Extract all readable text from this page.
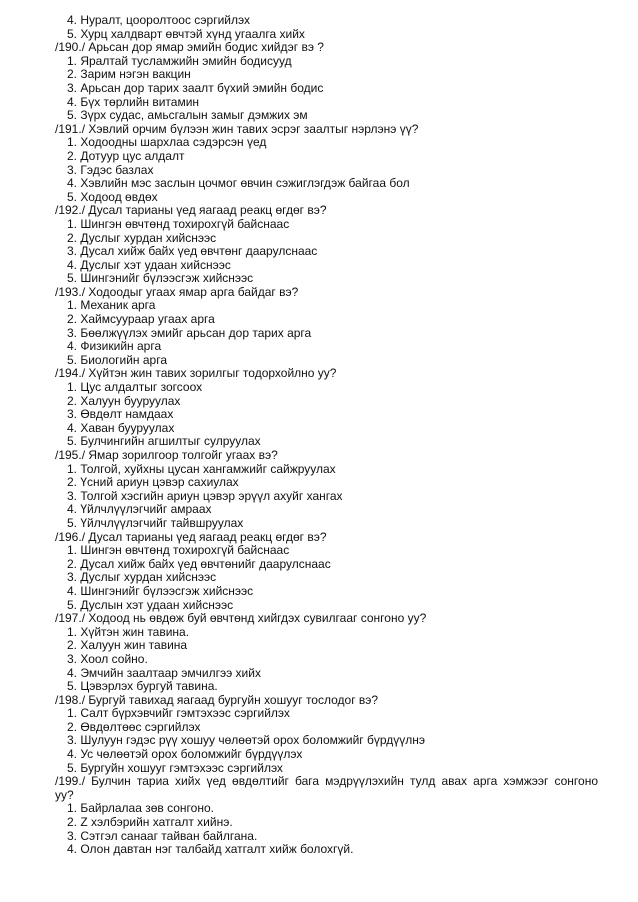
4. Нуралт, цооролтоос сэргийлэх
5. Хурц халдварт өвчтэй хүнд угаалга хийх
/190./ Арьсан дор ямар эмийн бодис хийдэг вэ ?
1. Яралтай тусламжийн эмийн бодисууд
2. Зарим нэгэн вакцин
3. Арьсан дор тарих заалт бүхий эмийн бодис
4. Бүх төрлийн витамин
5. Зүрх судас, амьсгалын замыг дэмжих эм
/191./ Хэвлий орчим бүлээн жин тавих эсрэг заалтыг нэрлэнэ үү?
1. Ходоодны шархлаа сэдэрсэн үед
2. Дотуур цус алдалт
3. Гэдэс базлах
4. Хэвлийн мэс заслын цочмог өвчин сэжиглэгдэж байгаа бол
5. Ходоод өвдөх
/192./ Дусал тарианы үед яагаад реакц өгдөг вэ?
1. Шингэн өвчтөнд тохирохгүй байснаас
2. Дуслыг хурдан хийснээс
3. Дусал хийж байх үед өвчтөнг даарулснаас
4. Дуслыг хэт удаан хийснээс
5. Шингэнийг бүлээсгэж хийснээс
/193./ Ходоодыг угаах ямар арга байдаг вэ?
1. Механик арга
2. Хаймсуураар угаах арга
3. Бөөлжүүлэх эмийг арьсан дор тарих арга
4. Физикийн арга
5. Биологийн арга
/194./ Хүйтэн жин тавих зорилгыг тодорхойлно уу?
1. Цус алдалтыг зогсоох
2. Халуун бууруулах
3. Өвдөлт намдаах
4. Хаван бууруулах
5. Булчингийн агшилтыг сулруулах
/195./ Ямар зорилгоор толгойг угаах вэ?
1. Толгой, хуйхны цусан хангамжийг сайжруулах
2. Үсний ариун цэвэр сахиулах
3. Толгой хэсгийн ариун цэвэр эрүүл ахуйг хангах
4. Үйлчлүүлэгчийг амраах
5. Үйлчлүүлэгчийг тайвшруулах
/196./ Дусал тарианы үед яагаад реакц өгдөг вэ?
1. Шингэн өвчтөнд тохирохгүй байснаас
2. Дусал хийж байх үед өвчтөнийг даарулснаас
3. Дуслыг хурдан хийснээс
4. Шингэнийг бүлээсгэж хийснээс
5. Дуслын хэт удаан хийснээс
/197./ Ходоод нь өвдөж буй өвчтөнд хийгдэх сувилгааг сонгоно уу?
1. Хүйтэн жин тавина.
2. Халуун жин тавина
3. Хоол сойно.
4. Эмчийн заалтаар эмчилгээ хийх
5. Цэвэрлэх бургуй тавина.
/198./ Бургуй тавихад яагаад бургуйн хошууг тослодог вэ?
1. Салт бүрхэвчийг гэмтэхээс сэргийлэх
2. Өвдөлтөөс сэргийлэх
3. Шулуун гэдэс рүү хошуу чөлөөтэй орох боломжийг бүрдүүлнэ
4. Ус чөлөөтэй орох боломжийг бүрдүүлэх
5. Бургуйн хошууг гэмтэхээс сэргийлэх
/199./ Булчин тариа хийх үед өвдөлтийг бага мэдрүүлэхийн тулд авах арга хэмжээг сонгоно
уу?
1. Байрлалаа зөв сонгоно.
2. Z хэлбэрийн хатгалт хийнэ.
3. Сэтгэл санааг тайван байлгана.
4. Олон давтан нэг талбайд хатгалт хийж болохгүй.
